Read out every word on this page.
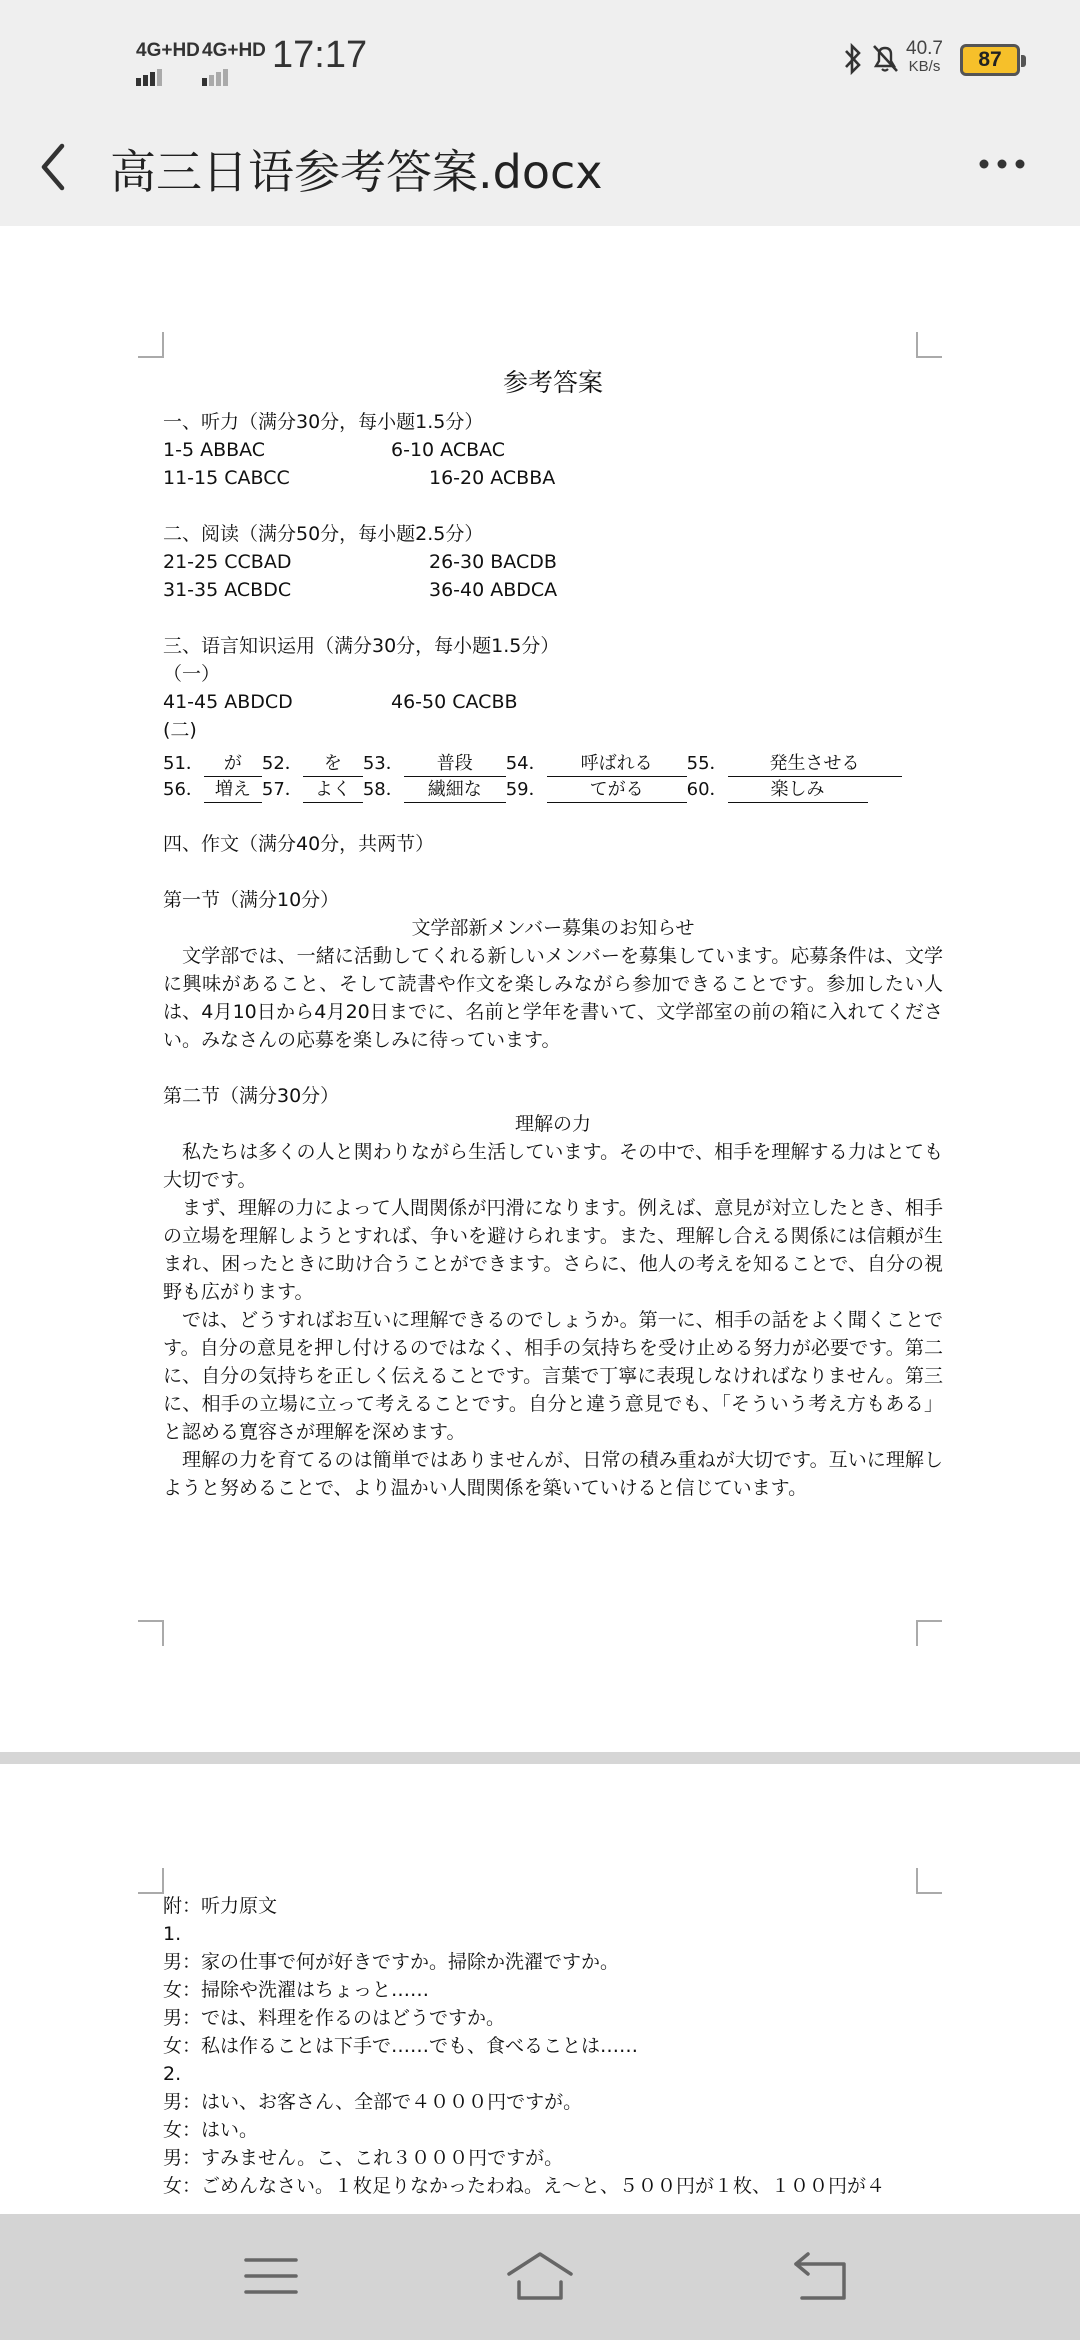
4G+HD 4G+HD 17:17	40.7
KB/s	87
高三日语参考答案.docx
参考答案
一、听力（满分30分，每小题1.5分）
1-5 ABBAC	6-10 ACBAC
11-15 CABCC	16-20 ACBBA
二、阅读（满分50分，每小题2.5分）
21-25 CCBAD	26-30 BACDB
31-35 ACBDC	36-40 ABDCA
三、语言知识运用（满分30分，每小题1.5分）
（一）
41-45 ABDCD	46-50 CACBB
(二)
51． が 52． を 53． 普段 54． 呼ばれる 55． 発生させる
56． 増え 57． よく 58． 繊細な 59． てがる 60． 楽しみ
四、作文（满分40分，共两节）
第一节（满分10分）
文学部新メンバー募集のお知らせ
文学部では、一緒に活動してくれる新しいメンバーを募集しています。応募条件は、文学に興味があること、そして読書や作文を楽しみながら参加できることです。参加したい人は、4月10日から4月20日までに、名前と学年を書いて、文学部室の前の箱に入れてください。みなさんの応募を楽しみに待っています。
第二节（满分30分）
理解の力
私たちは多くの人と関わりながら生活しています。その中で、相手を理解する力はとても大切です。
まず、理解の力によって人間関係が円滑になります。例えば、意見が対立したとき、相手の立場を理解しようとすれば、争いを避けられます。また、理解し合える関係には信頼が生まれ、困ったときに助け合うことができます。さらに、他人の考えを知ることで、自分の視野も広がります。
では、どうすればお互いに理解できるのでしょうか。第一に、相手の話をよく聞くことです。自分の意見を押し付けるのではなく、相手の気持ちを受け止める努力が必要です。第二に、自分の気持ちを正しく伝えることです。言葉で丁寧に表現しなければなりません。第三に、相手の立場に立って考えることです。自分と違う意見でも、「そういう考え方もある」と認める寛容さが理解を深めます。
理解の力を育てるのは簡単ではありませんが、日常の積み重ねが大切です。互いに理解しようと努めることで、より温かい人間関係を築いていけると信じています。
附：听力原文
1.
男：家の仕事で何が好きですか。掃除か洗濯ですか。
女：掃除や洗濯はちょっと……
男：では、料理を作るのはどうですか。
女：私は作ることは下手で……でも、食べることは……
2.
男：はい、お客さん、全部で４０００円ですが。
女：はい。
男：すみません。こ、これ３０００円ですが。
女：ごめんなさい。１枚足りなかったわね。え～と、５００円が１枚、１００円が４
